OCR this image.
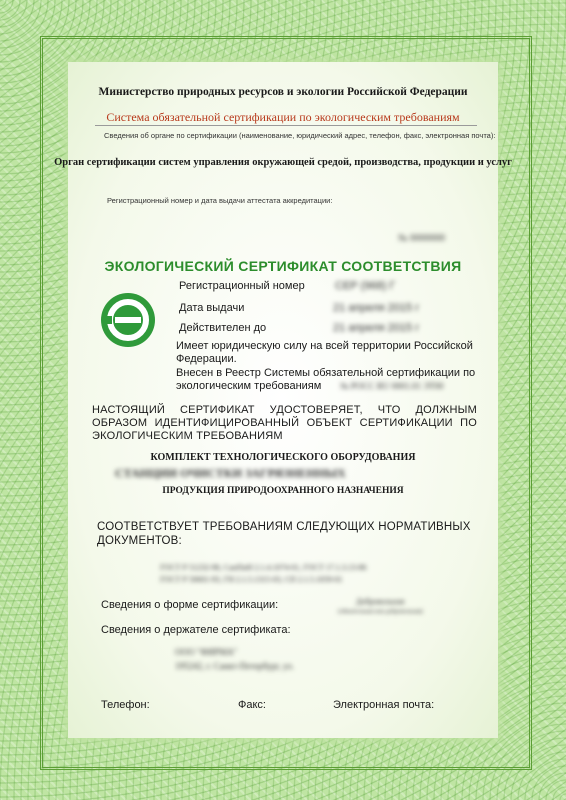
Министерство природных ресурсов и экологии Российской Федерации
Система обязательной сертификации по экологическим требованиям
Сведения об органе по сертификации (наименование, юридический адрес, телефон, факс, электронная почта):
Орган сертификации систем управления окружающей средой, производства, продукции и услуг
Регистрационный номер и дата выдачи аттестата аккредитации:
№ 0000000
ЭКОЛОГИЧЕСКИЙ СЕРТИФИКАТ СООТВЕТСТВИЯ
Регистрационный номер	СЕР (968) Г
Дата выдачи	21 апреля 2015 г
Действителен до	21 апреля 2015 г
Имеет юридическую силу на всей территории Российской Федерации.
Внесен в Реестр Системы обязательной сертификации по экологическим требованиям	№ РОСС RU 0001.01 ЭТ00
НАСТОЯЩИЙ СЕРТИФИКАТ УДОСТОВЕРЯЕТ, ЧТО ДОЛЖНЫМ ОБРАЗОМ ИДЕНТИФИЦИРОВАННЫЙ ОБЪЕКТ СЕРТИФИКАЦИИ ПО ЭКОЛОГИЧЕСКИМ ТРЕБОВАНИЯМ
КОМПЛЕКТ ТЕХНОЛОГИЧЕСКОГО ОБОРУДОВАНИЯ
СТАНЦИИ ОЧИСТКИ ЗАГРЯЗНЕННЫХ
ПРОДУКЦИЯ ПРИРОДООХРАННОГО НАЗНАЧЕНИЯ
СООТВЕТСТВУЕТ ТРЕБОВАНИЯМ СЛЕДУЮЩИХ НОРМАТИВНЫХ ДОКУМЕНТОВ:
ГОСТ Р 51232-98, СанПиН 2.1.4.1074-01, ГОСТ 17.1.3.13-86
ГОСТ Р 50601-93, ГН 2.1.5.1315-03, СП 2.1.5.1059-01
Сведения о форме сертификации:	Добровольная
(обязательная или добровольная)
Сведения о держателе сертификата:
ООО "ФИРМА"
195242, г. Санкт-Петербург, ул.
Телефон:	Факс:	Электронная почта:
